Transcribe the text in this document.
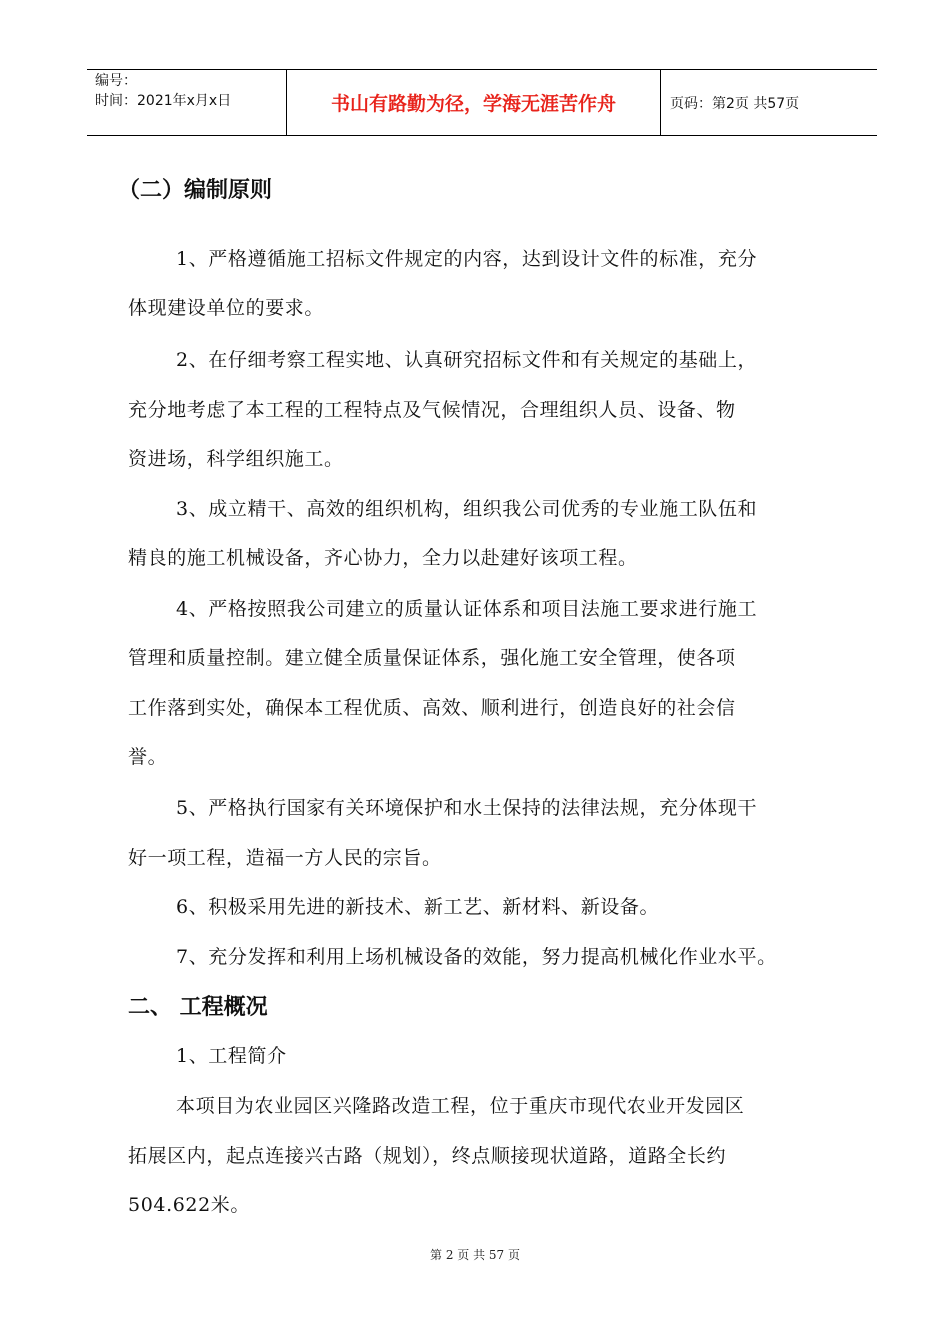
编号：
时间：2021年x月x日	书山有路勤为径，学海无涯苦作舟	页码：第2页 共57页
（二）编制原则
1、严格遵循施工招标文件规定的内容，达到设计文件的标准，充分
体现建设单位的要求。
2、在仔细考察工程实地、认真研究招标文件和有关规定的基础上，
充分地考虑了本工程的工程特点及气候情况，合理组织人员、设备、物
资进场，科学组织施工。
3、成立精干、高效的组织机构，组织我公司优秀的专业施工队伍和
精良的施工机械设备，齐心协力，全力以赴建好该项工程。
4、严格按照我公司建立的质量认证体系和项目法施工要求进行施工
管理和质量控制。建立健全质量保证体系，强化施工安全管理，使各项
工作落到实处，确保本工程优质、高效、顺利进行，创造良好的社会信
誉。
5、严格执行国家有关环境保护和水土保持的法律法规，充分体现干
好一项工程，造福一方人民的宗旨。
6、积极采用先进的新技术、新工艺、新材料、新设备。
7、充分发挥和利用上场机械设备的效能，努力提高机械化作业水平。
二、 工程概况
1、工程简介
本项目为农业园区兴隆路改造工程，位于重庆市现代农业开发园区
拓展区内，起点连接兴古路（规划），终点顺接现状道路，道路全长约
504.622米。
第 2 页 共 57 页
